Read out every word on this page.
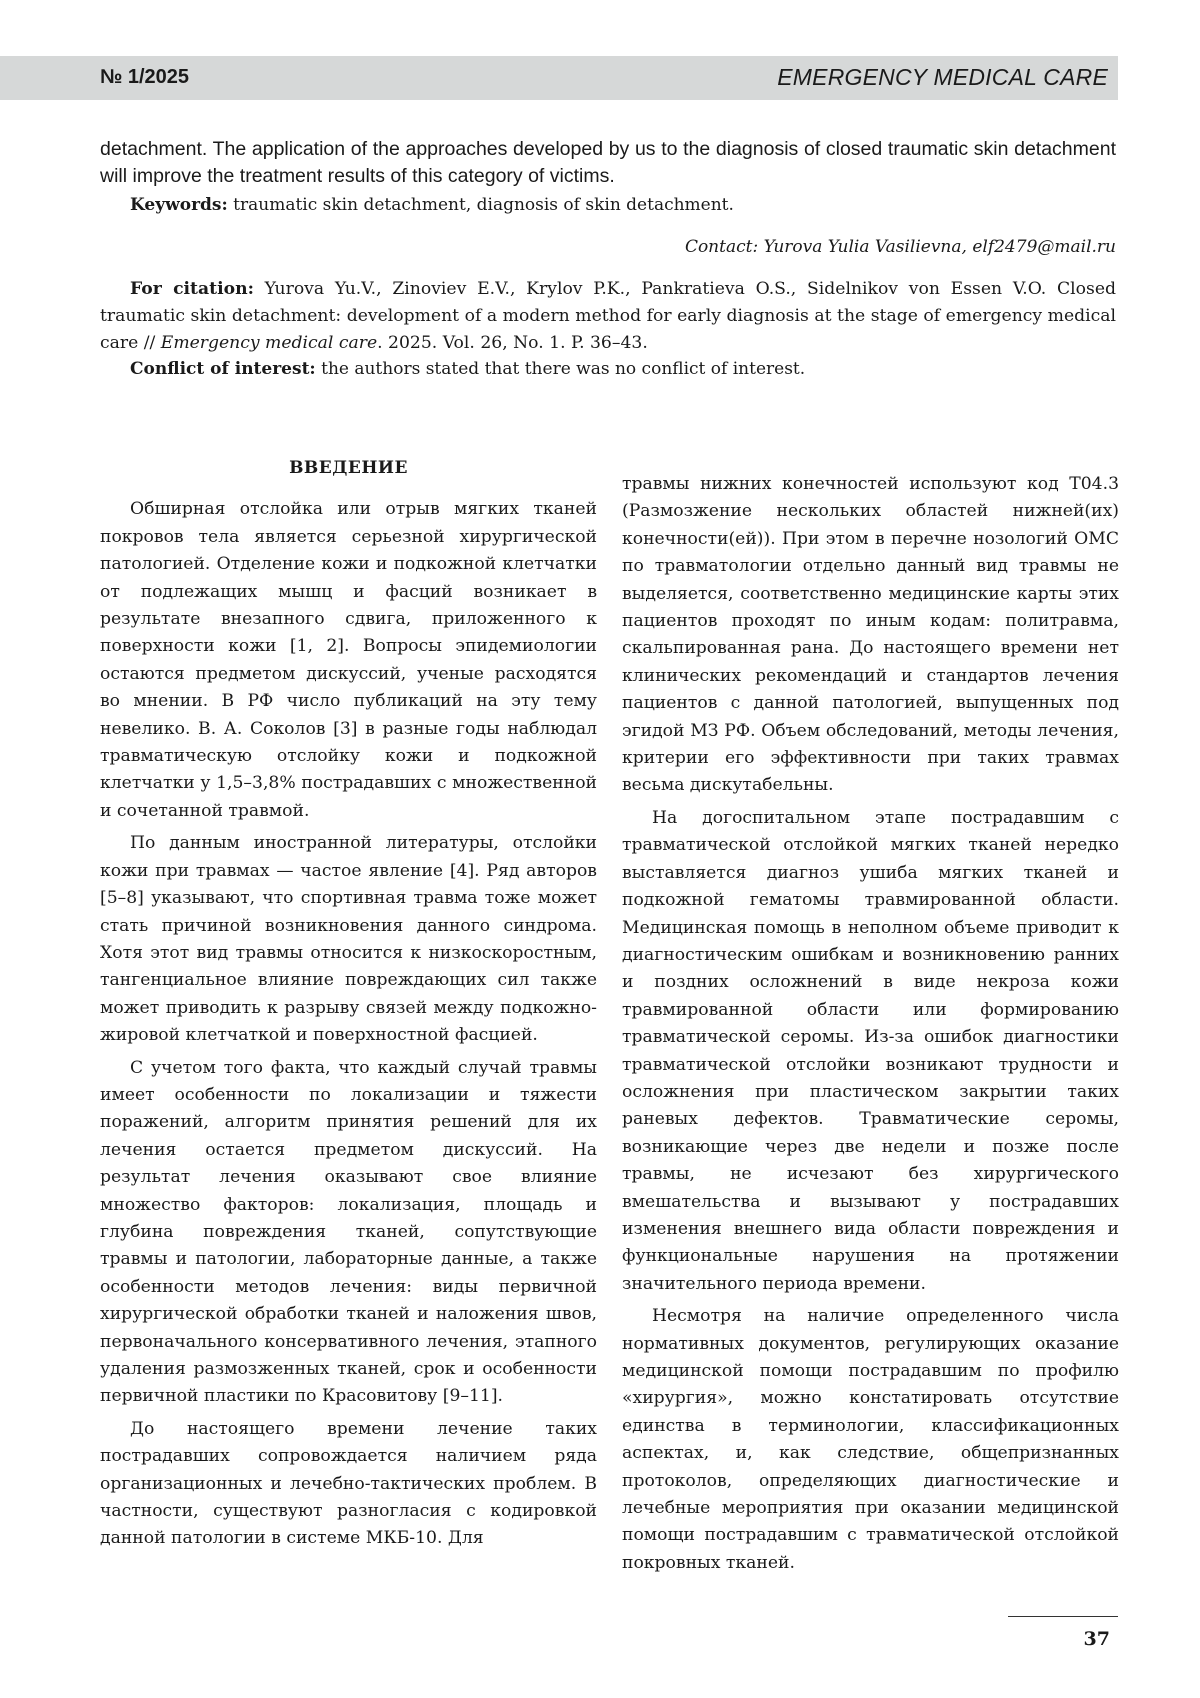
№ 1/2025	EMERGENCY MEDICAL CARE

detachment. The application of the approaches developed by us to the diagnosis of closed traumatic skin detachment will improve the treatment results of this category of victims.

Keywords: traumatic skin detachment, diagnosis of skin detachment.

Contact: Yurova Yulia Vasilievna, elf2479@mail.ru

For citation: Yurova Yu.V., Zinoviev E.V., Krylov P.K., Pankratieva O.S., Sidelnikov von Essen V.O. Closed traumatic skin detachment: development of a modern method for early diagnosis at the stage of emergency medical care // Emergency medical care. 2025. Vol. 26, No. 1. P. 36–43.

Conflict of interest: the authors stated that there was no conflict of interest.

ВВЕДЕНИЕ

Обширная отслойка или отрыв мягких тканей покровов тела является серьезной хирургической патологией. Отделение кожи и подкожной клетчатки от подлежащих мышц и фасций возникает в результате внезапного сдвига, приложенного к поверхности кожи [1, 2]. Вопросы эпидемиологии остаются предметом дискуссий, ученые расходятся во мнении. В РФ число публикаций на эту тему невелико. В. А. Соколов [3] в разные годы наблюдал травматическую отслойку кожи и подкожной клетчатки у 1,5–3,8% пострадавших с множественной и сочетанной травмой.

По данным иностранной литературы, отслойки кожи при травмах — частое явление [4]. Ряд авторов [5–8] указывают, что спортивная травма тоже может стать причиной возникновения данного синдрома. Хотя этот вид травмы относится к низкоскоростным, тангенциальное влияние повреждающих сил также может приводить к разрыву связей между подкожно-жировой клетчаткой и поверхностной фасцией.

С учетом того факта, что каждый случай травмы имеет особенности по локализации и тяжести поражений, алгоритм принятия решений для их лечения остается предметом дискуссий. На результат лечения оказывают свое влияние множество факторов: локализация, площадь и глубина повреждения тканей, сопутствующие травмы и патологии, лабораторные данные, а также особенности методов лечения: виды первичной хирургической обработки тканей и наложения швов, первоначального консервативного лечения, этапного удаления размозженных тканей, срок и особенности первичной пластики по Красовитову [9–11].

До настоящего времени лечение таких пострадавших сопровождается наличием ряда организационных и лечебно-тактических проблем. В частности, существуют разногласия с кодировкой данной патологии в системе МКБ-10. Для

травмы нижних конечностей используют код T04.3 (Размозжение нескольких областей нижней(их) конечности(ей)). При этом в перечне нозологий ОМС по травматологии отдельно данный вид травмы не выделяется, соответственно медицинские карты этих пациентов проходят по иным кодам: политравма, скальпированная рана. До настоящего времени нет клинических рекомендаций и стандартов лечения пациентов с данной патологией, выпущенных под эгидой МЗ РФ. Объем обследований, методы лечения, критерии его эффективности при таких травмах весьма дискутабельны.

На догоспитальном этапе пострадавшим с травматической отслойкой мягких тканей нередко выставляется диагноз ушиба мягких тканей и подкожной гематомы травмированной области. Медицинская помощь в неполном объеме приводит к диагностическим ошибкам и возникновению ранних и поздних осложнений в виде некроза кожи травмированной области или формированию травматической серомы. Из-за ошибок диагностики травматической отслойки возникают трудности и осложнения при пластическом закрытии таких раневых дефектов. Травматические серомы, возникающие через две недели и позже после травмы, не исчезают без хирургического вмешательства и вызывают у пострадавших изменения внешнего вида области повреждения и функциональные нарушения на протяжении значительного периода времени.

Несмотря на наличие определенного числа нормативных документов, регулирующих оказание медицинской помощи пострадавшим по профилю «хирургия», можно констатировать отсутствие единства в терминологии, классификационных аспектах, и, как следствие, общепризнанных протоколов, определяющих диагностические и лечебные мероприятия при оказании медицинской помощи пострадавшим с травматической отслойкой покровных тканей.

37
